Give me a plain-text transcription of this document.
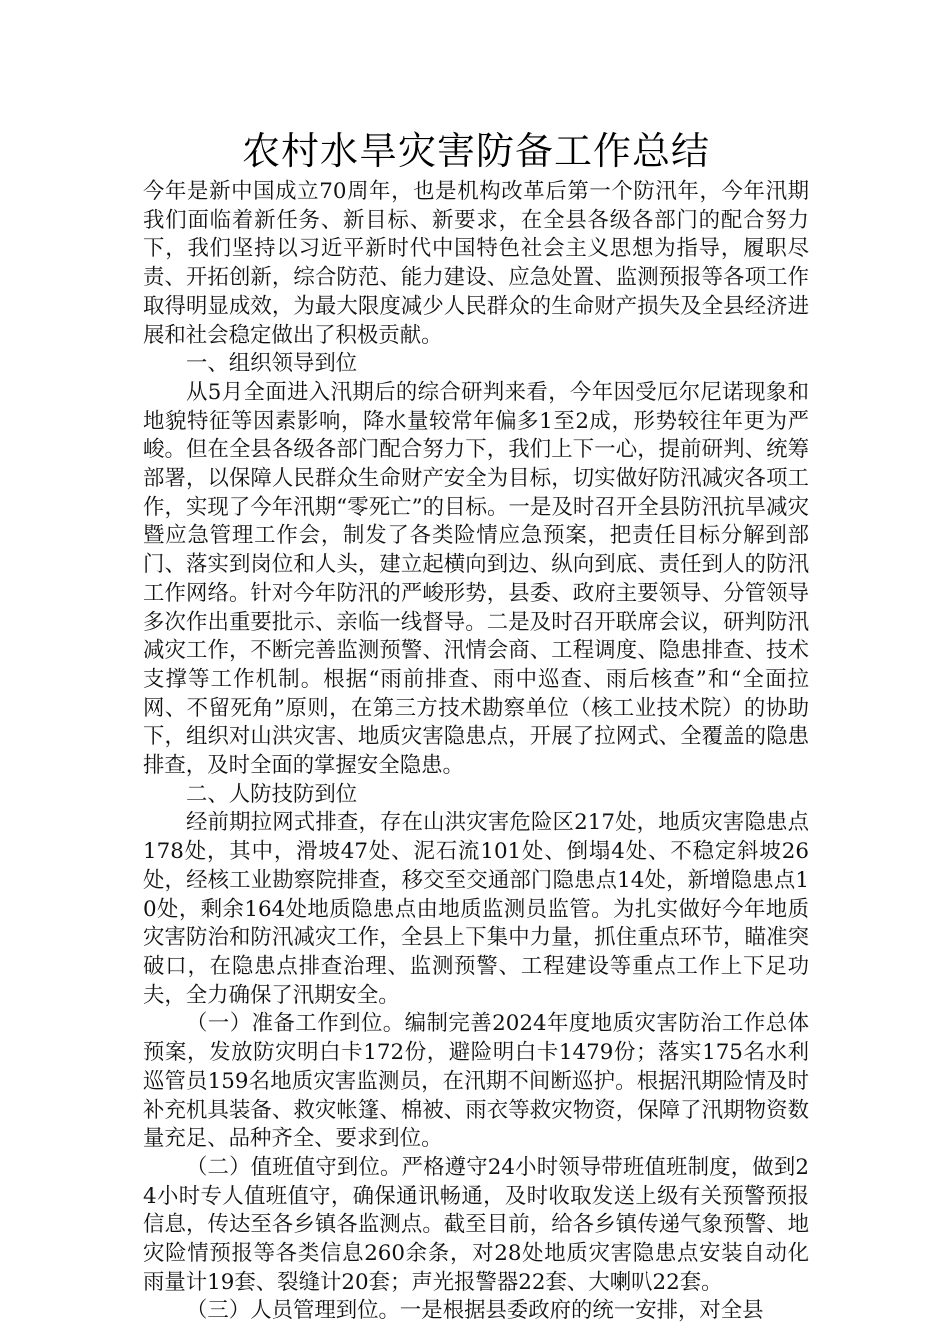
农村水旱灾害防备工作总结

今年是新中国成立70周年，也是机构改革后第一个防汛年，今年汛期我们面临着新任务、新目标、新要求，在全县各级各部门的配合努力下，我们坚持以习近平新时代中国特色社会主义思想为指导，履职尽责、开拓创新，综合防范、能力建设、应急处置、监测预报等各项工作取得明显成效，为最大限度减少人民群众的生命财产损失及全县经济进展和社会稳定做出了积极贡献。

一、组织领导到位

从5月全面进入汛期后的综合研判来看，今年因受厄尔尼诺现象和地貌特征等因素影响，降水量较常年偏多1至2成，形势较往年更为严峻。但在全县各级各部门配合努力下，我们上下一心，提前研判、统筹部署，以保障人民群众生命财产安全为目标，切实做好防汛减灾各项工作，实现了今年汛期“零死亡”的目标。一是及时召开全县防汛抗旱减灾暨应急管理工作会，制发了各类险情应急预案，把责任目标分解到部门、落实到岗位和人头，建立起横向到边、纵向到底、责任到人的防汛工作网络。针对今年防汛的严峻形势，县委、政府主要领导、分管领导多次作出重要批示、亲临一线督导。二是及时召开联席会议，研判防汛减灾工作，不断完善监测预警、汛情会商、工程调度、隐患排查、技术支撑等工作机制。根据“雨前排查、雨中巡查、雨后核查”和“全面拉网、不留死角”原则，在第三方技术勘察单位（核工业技术院）的协助下，组织对山洪灾害、地质灾害隐患点，开展了拉网式、全覆盖的隐患排查，及时全面的掌握安全隐患。

二、人防技防到位

经前期拉网式排查，存在山洪灾害危险区217处，地质灾害隐患点178处，其中，滑坡47处、泥石流101处、倒塌4处、不稳定斜坡26处，经核工业勘察院排查，移交至交通部门隐患点14处，新增隐患点10处，剩余164处地质隐患点由地质监测员监管。为扎实做好今年地质灾害防治和防汛减灾工作，全县上下集中力量，抓住重点环节，瞄准突破口，在隐患点排查治理、监测预警、工程建设等重点工作上下足功夫，全力确保了汛期安全。

（一）准备工作到位。编制完善2024年度地质灾害防治工作总体预案，发放防灾明白卡172份，避险明白卡1479份；落实175名水利巡管员159名地质灾害监测员，在汛期不间断巡护。根据汛期险情及时补充机具装备、救灾帐篷、棉被、雨衣等救灾物资，保障了汛期物资数量充足、品种齐全、要求到位。

（二）值班值守到位。严格遵守24小时领导带班值班制度，做到24小时专人值班值守，确保通讯畅通，及时收取发送上级有关预警预报信息，传达至各乡镇各监测点。截至目前，给各乡镇传递气象预警、地灾险情预报等各类信息260余条，对28处地质灾害隐患点安装自动化雨量计19套、裂缝计20套；声光报警器22套、大喇叭22套。

（三）人员管理到位。一是根据县委政府的统一安排，对全县
